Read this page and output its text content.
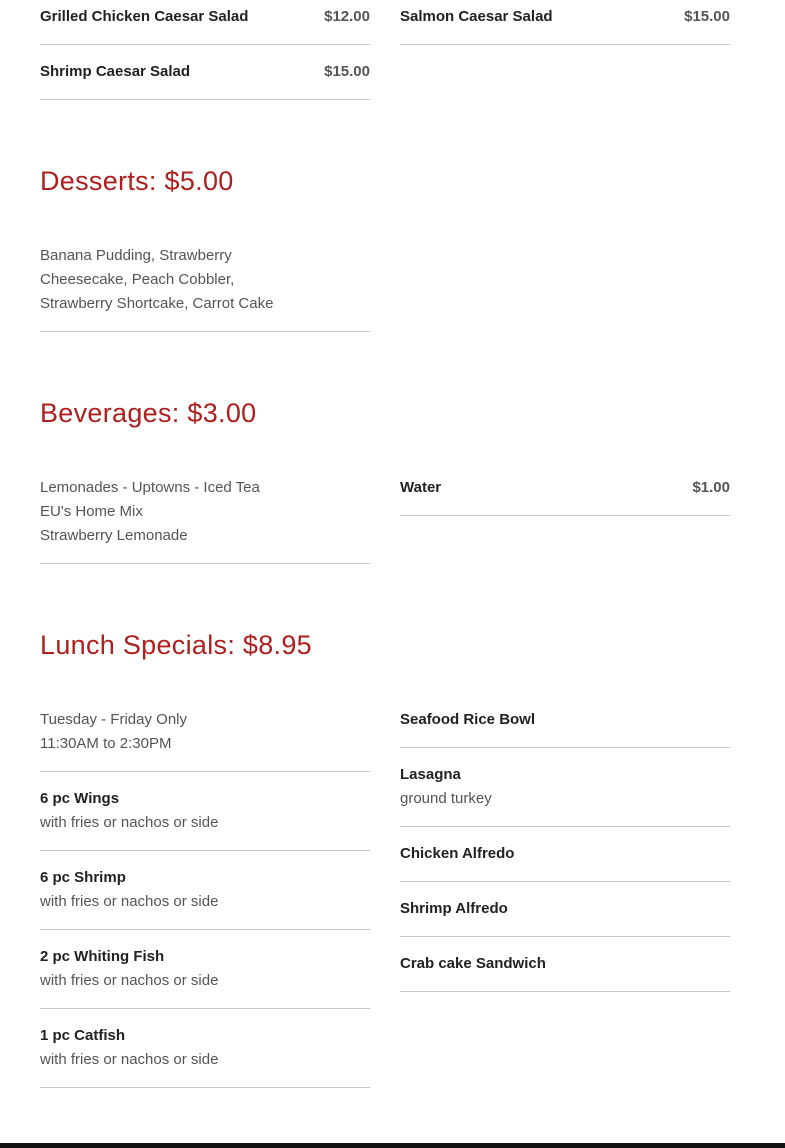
Grilled Chicken Caesar Salad	$12.00 Salmon Caesar Salad	$15.00
Shrimp Caesar Salad	$15.00
Desserts: $5.00
Banana Pudding, Strawberry Cheesecake, Peach Cobbler, Strawberry Shortcake, Carrot Cake
Beverages: $3.00
Lemonades - Uptowns - Iced Tea
EU's Home Mix
Strawberry Lemonade
Water	$1.00
Lunch Specials: $8.95
Tuesday - Friday Only
11:30AM to 2:30PM
6 pc Wings
with fries or nachos or side
6 pc Shrimp
with fries or nachos or side
2 pc Whiting Fish
with fries or nachos or side
1 pc Catfish
with fries or nachos or side
Seafood Rice Bowl
Lasagna
ground turkey
Chicken Alfredo
Shrimp Alfredo
Crab cake Sandwich
